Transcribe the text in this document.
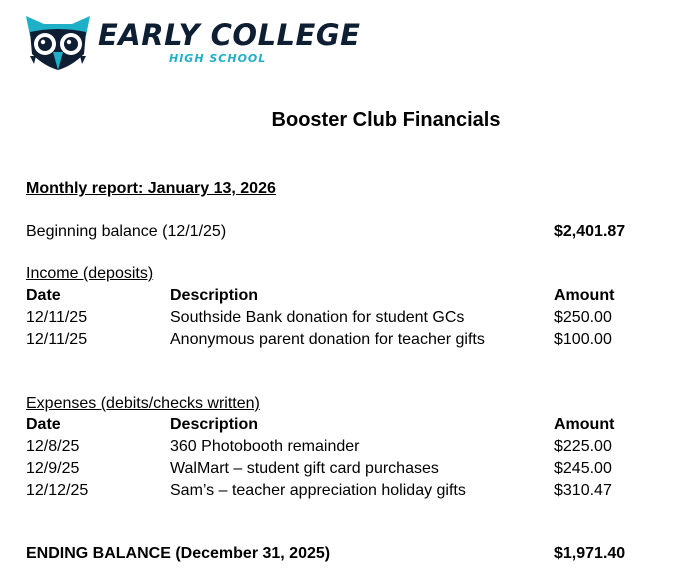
EARLY COLLEGE
HIGH SCHOOL
Booster Club Financials
Monthly report: January 13, 2026
Beginning balance (12/1/25)	$2,401.87
Income (deposits)
Date	Description	Amount
12/11/25	Southside Bank donation for student GCs	$250.00
12/11/25	Anonymous parent donation for teacher gifts	$100.00
Expenses (debits/checks written)
Date	Description	Amount
12/8/25	360 Photobooth remainder	$225.00
12/9/25	WalMart – student gift card purchases	$245.00
12/12/25	Sam’s – teacher appreciation holiday gifts	$310.47
ENDING BALANCE (December 31, 2025)	$1,971.40
